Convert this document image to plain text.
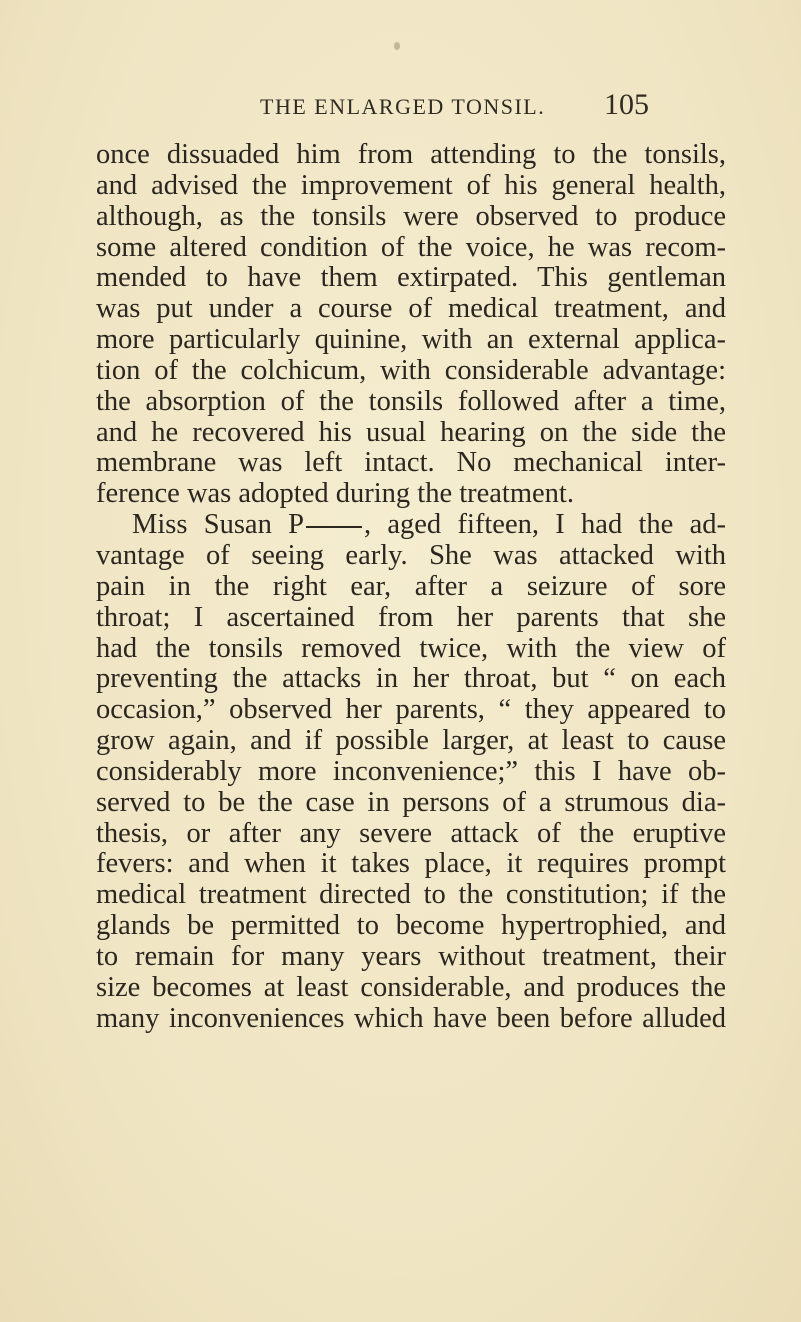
THE ENLARGED TONSIL. 105
once dissuaded him from attending to the tonsils,
and advised the improvement of his general health,
although, as the tonsils were observed to produce
some altered condition of the voice, he was recom-
mended to have them extirpated. This gentleman
was put under a course of medical treatment, and
more particularly quinine, with an external applica-
tion of the colchicum, with considerable advantage:
the absorption of the tonsils followed after a time,
and he recovered his usual hearing on the side the
membrane was left intact. No mechanical inter-
ference was adopted during the treatment.
Miss Susan P , aged fifteen, I had the ad-
vantage of seeing early. She was attacked with
pain in the right ear, after a seizure of sore
throat; I ascertained from her parents that she
had the tonsils removed twice, with the view of
preventing the attacks in her throat, but “ on each
occasion,” observed her parents, “ they appeared to
grow again, and if possible larger, at least to cause
considerably more inconvenience;” this I have ob-
served to be the case in persons of a strumous dia-
thesis, or after any severe attack of the eruptive
fevers: and when it takes place, it requires prompt
medical treatment directed to the constitution; if the
glands be permitted to become hypertrophied, and
to remain for many years without treatment, their
size becomes at least considerable, and produces the
many inconveniences which have been before alluded
